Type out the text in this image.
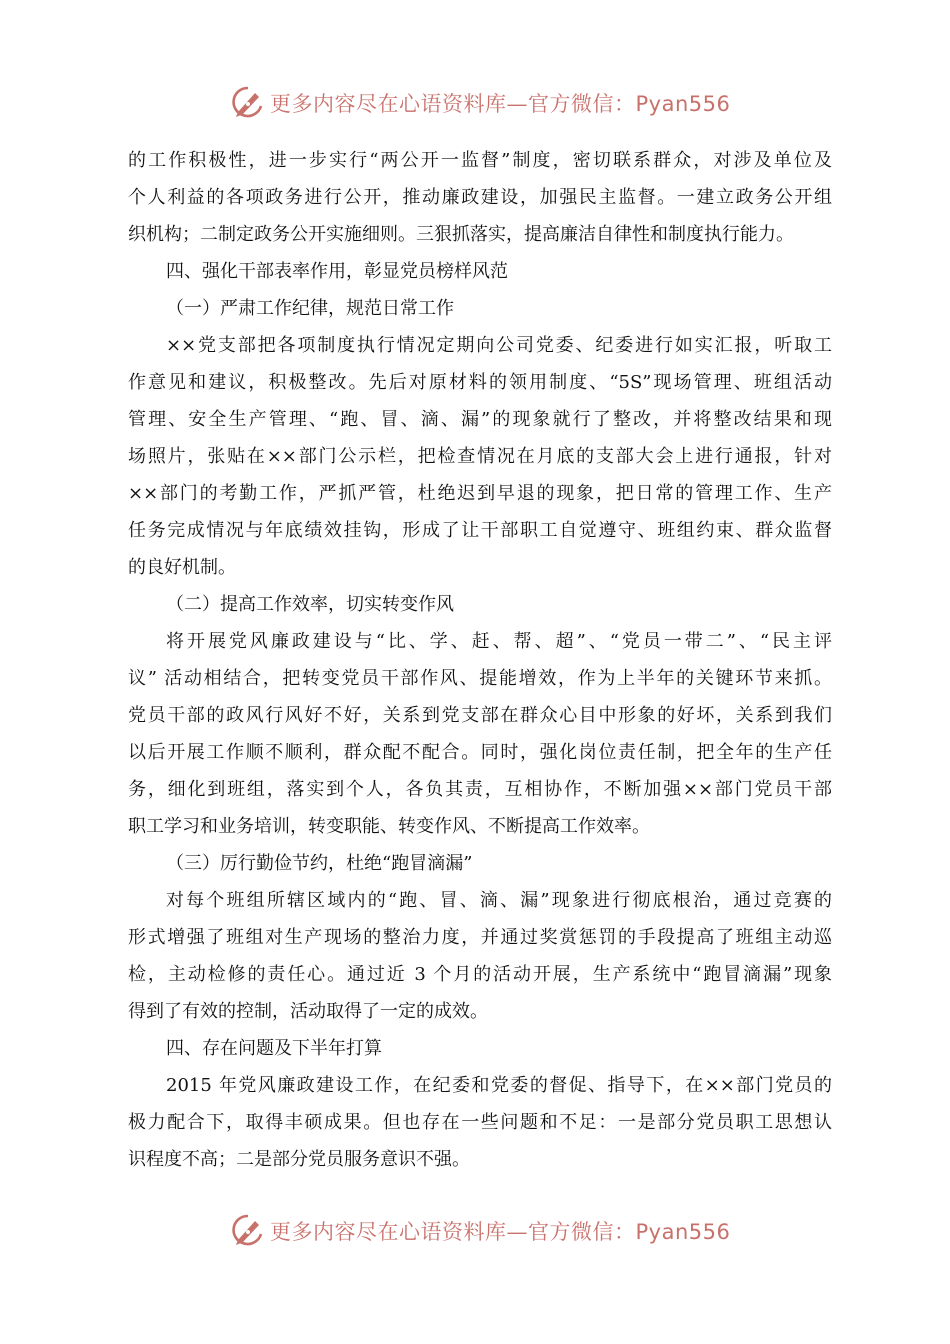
更多内容尽在心语资料库—官方微信：Pyan556
的工作积极性，进一步实行“两公开一监督”制度，密切联系群众，对涉及单位及
个人利益的各项政务进行公开，推动廉政建设，加强民主监督。一建立政务公开组
织机构；二制定政务公开实施细则。三狠抓落实，提高廉洁自律性和制度执行能力。
四、强化干部表率作用，彰显党员榜样风范
（一）严肃工作纪律，规范日常工作
××党支部把各项制度执行情况定期向公司党委、纪委进行如实汇报，听取工
作意见和建议，积极整改。先后对原材料的领用制度、“5S”现场管理、班组活动
管理、安全生产管理、“跑、冒、滴、漏”的现象就行了整改，并将整改结果和现
场照片，张贴在××部门公示栏，把检查情况在月底的支部大会上进行通报，针对
××部门的考勤工作，严抓严管，杜绝迟到早退的现象，把日常的管理工作、生产
任务完成情况与年底绩效挂钩，形成了让干部职工自觉遵守、班组约束、群众监督
的良好机制。
（二）提高工作效率，切实转变作风
将开展党风廉政建设与“比、学、赶、帮、超”、“党员一带二”、“民主评
议” 活动相结合，把转变党员干部作风、提能增效，作为上半年的关键环节来抓。
党员干部的政风行风好不好，关系到党支部在群众心目中形象的好坏，关系到我们
以后开展工作顺不顺利，群众配不配合。同时，强化岗位责任制，把全年的生产任
务，细化到班组，落实到个人，各负其责，互相协作，不断加强××部门党员干部
职工学习和业务培训，转变职能、转变作风、不断提高工作效率。
（三）厉行勤俭节约，杜绝“跑冒滴漏”
对每个班组所辖区域内的“跑、冒、滴、漏”现象进行彻底根治，通过竞赛的
形式增强了班组对生产现场的整治力度，并通过奖赏惩罚的手段提高了班组主动巡
检，主动检修的责任心。通过近 3 个月的活动开展，生产系统中“跑冒滴漏”现象
得到了有效的控制，活动取得了一定的成效。
四、存在问题及下半年打算
2015 年党风廉政建设工作，在纪委和党委的督促、指导下，在××部门党员的
极力配合下，取得丰硕成果。但也存在一些问题和不足：一是部分党员职工思想认
识程度不高；二是部分党员服务意识不强。
更多内容尽在心语资料库—官方微信：Pyan556
